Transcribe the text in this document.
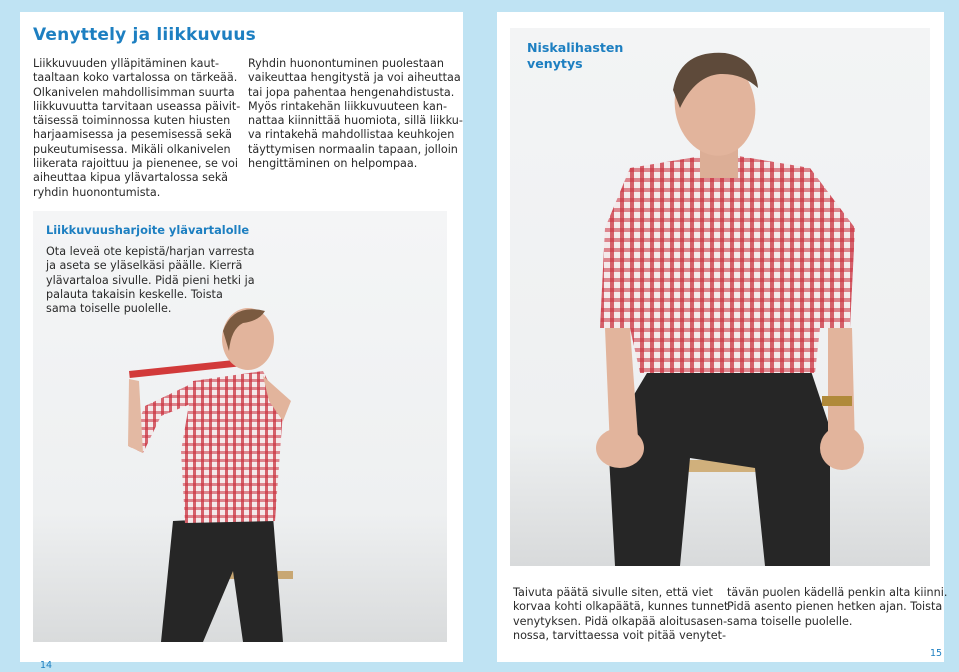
Venyttely ja liikkuvuus

Liikkuvuuden ylläpitäminen kaut-
taaltaan koko vartalossa on tärkeää.
Olkanivelen mahdollisimman suurta
liikkuvuutta tarvitaan useassa päivit-
täisessä toiminnossa kuten hiusten
harjaamisessa ja pesemisessä sekä
pukeutumisessa. Mikäli olkanivelen
liikerata rajoittuu ja pienenee, se voi
aiheuttaa kipua ylävartalossa sekä
ryhdin huonontumista.

Ryhdin huonontuminen puolestaan
vaikeuttaa hengitystä ja voi aiheuttaa
tai jopa pahentaa hengenahdistusta.
Myös rintakehän liikkuvuuteen kan-
nattaa kiinnittää huomiota, sillä liikku-
va rintakehä mahdollistaa keuhkojen
täyttymisen normaalin tapaan, jolloin
hengittäminen on helpompaa.

Liikkuvuusharjoite ylävartalolle

Ota leveä ote kepistä/harjan varresta
ja aseta se yläselkäsi päälle. Kierrä
ylävartaloa sivulle. Pidä pieni hetki ja
palauta takaisin keskelle. Toista
sama toiselle puolelle.

14
Niskalihasten
venytys

Taivuta päätä sivulle siten, että viet
korvaa kohti olkapäätä, kunnes tunnet
venytyksen. Pidä olkapää aloitusasen-
nossa, tarvittaessa voit pitää venytet-

tävän puolen kädellä penkin alta kiinni.
Pidä asento pienen hetken ajan. Toista
sama toiselle puolelle.

15
